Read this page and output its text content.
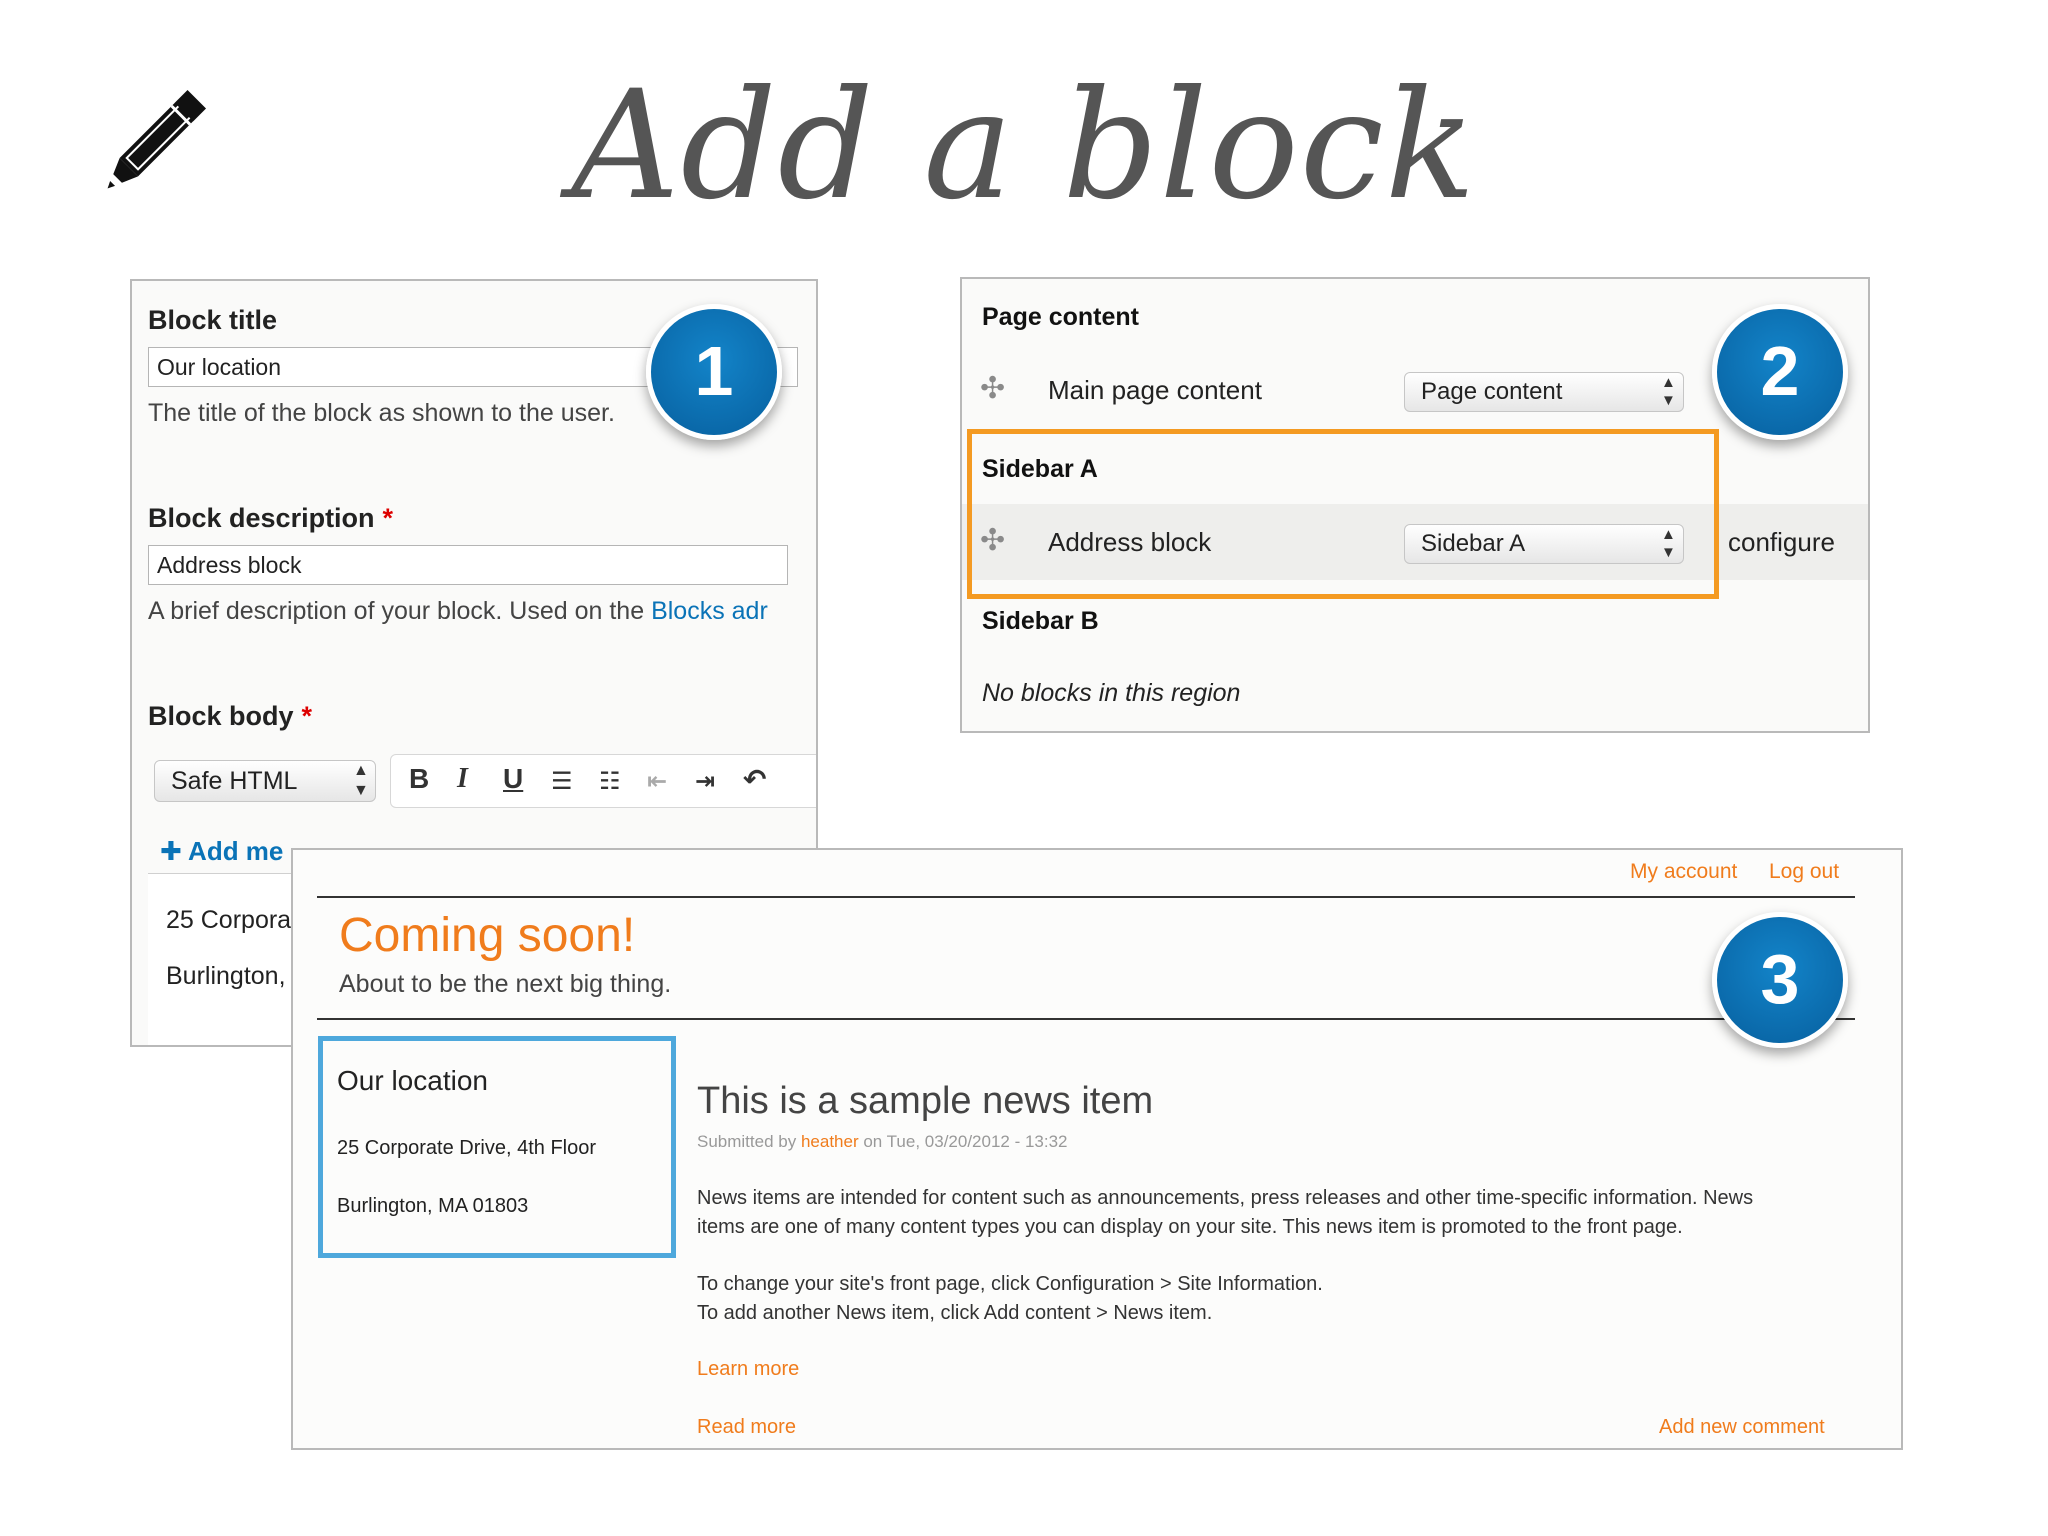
Add a block
Block title
Our location
The title of the block as shown to the user.
Block description *
Address block
A brief description of your block. Used on the Blocks adr
Block body *
Safe HTML	▲
▼ B I U ☰ ☷ ⇤ ⇥ ↶
✚ Add me
25 Corpora
Burlington,
Page content
✣ Main page content	Page content	▲
▼
Sidebar A
✣ Address block	Sidebar A	▲
▼ configure
Sidebar B
No blocks in this region
My account Log out
Coming soon!
About to be the next big thing.
Our location
25 Corporate Drive, 4th Floor
Burlington, MA 01803
This is a sample news item
Submitted by heather on Tue, 03/20/2012 - 13:32
News items are intended for content such as announcements, press releases and other time-specific information. News
items are one of many content types you can display on your site. This news item is promoted to the front page.
To change your site's front page, click Configuration > Site Information.
To add another News item, click Add content > News item.
Learn more
Read more	Add new comment
1	2
3
